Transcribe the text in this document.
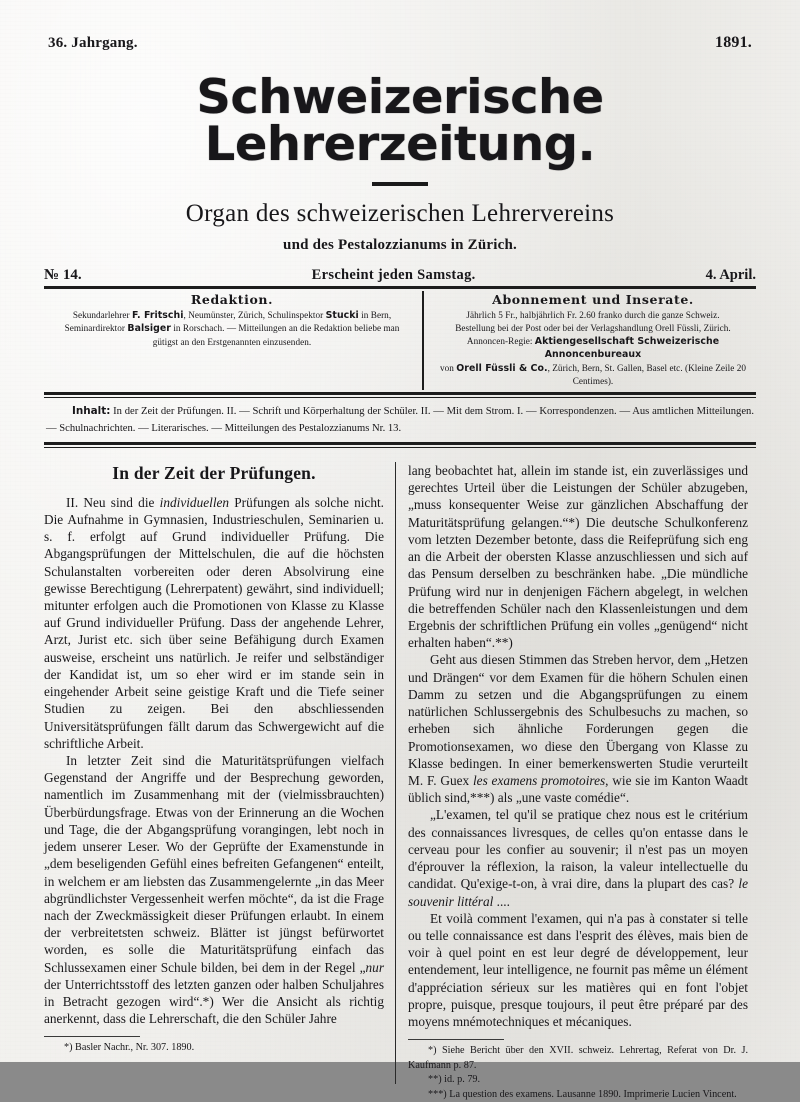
36. Jahrgang.	1891.
Schweizerische Lehrerzeitung.
Organ des schweizerischen Lehrervereins
und des Pestalozzianums in Zürich.
№ 14.	Erscheint jeden Samstag.	4. April.
Redaktion.
Sekundarlehrer F. Fritschi, Neumünster, Zürich, Schulinspektor Stucki in Bern,
Seminardirektor Balsiger in Rorschach. — Mitteilungen an die Redaktion beliebe man
gütigst an den Erstgenannten einzusenden.
Abonnement und Inserate.
Jährlich 5 Fr., halbjährlich Fr. 2.60 franko durch die ganze Schweiz.
Bestellung bei der Post oder bei der Verlagshandlung Orell Füssli, Zürich.
Annoncen-Regie: Aktiengesellschaft Schweizerische Annoncenbureaux
von Orell Füssli & Co., Zürich, Bern, St. Gallen, Basel etc. (Kleine Zeile 20 Centimes).
Inhalt: In der Zeit der Prüfungen. II. — Schrift und Körperhaltung der Schüler. II. — Mit dem Strom. I. — Korrespondenzen. — Aus amtlichen Mitteilungen. — Schulnachrichten. — Literarisches. — Mitteilungen des Pestalozzianums Nr. 13.
In der Zeit der Prüfungen.

II. Neu sind die individuellen Prüfungen als solche nicht. Die Aufnahme in Gymnasien, Industrieschulen, Seminarien u. s. f. erfolgt auf Grund individueller Prüfung. Die Abgangsprüfungen der Mittelschulen, die auf die höchsten Schulanstalten vorbereiten oder deren Absolvirung eine gewisse Berechtigung (Lehrerpatent) gewährt, sind individuell; mitunter erfolgen auch die Promotionen von Klasse zu Klasse auf Grund individueller Prüfung. Dass der angehende Lehrer, Arzt, Jurist etc. sich über seine Befähigung durch Examen ausweise, erscheint uns natürlich. Je reifer und selbständiger der Kandidat ist, um so eher wird er im stande sein in eingehender Arbeit seine geistige Kraft und die Tiefe seiner Studien zu zeigen. Bei den abschliessenden Universitätsprüfungen fällt darum das Schwergewicht auf die schriftliche Arbeit.

In letzter Zeit sind die Maturitätsprüfungen vielfach Gegenstand der Angriffe und der Besprechung geworden, namentlich im Zusammenhang mit der (vielmissbrauchten) Überbürdungsfrage. Etwas von der Erinnerung an die Wochen und Tage, die der Abgangsprüfung vorangingen, lebt noch in jedem unserer Leser. Wo der Geprüfte der Examenstunde in „dem beseligenden Gefühl eines befreiten Gefangenen“ enteilt, in welchem er am liebsten das Zusammengelernte „in das Meer abgründlichster Vergessenheit werfen möchte“, da ist die Frage nach der Zweckmässigkeit dieser Prüfungen erlaubt. In einem der verbreitetsten schweiz. Blätter ist jüngst befürwortet worden, es solle die Maturitätsprüfung einfach das Schlussexamen einer Schule bilden, bei dem in der Regel „nur der Unterrichtsstoff des letzten ganzen oder halben Schuljahres in Betracht gezogen wird“.*) Wer die Ansicht als richtig anerkennt, dass die Lehrerschaft, die den Schüler Jahre

*) Basler Nachr., Nr. 307. 1890.

lang beobachtet hat, allein im stande ist, ein zuverlässiges und gerechtes Urteil über die Leistungen der Schüler abzugeben, „muss konsequenter Weise zur gänzlichen Abschaffung der Maturitätsprüfung gelangen.“*) Die deutsche Schulkonferenz vom letzten Dezember betonte, dass die Reifeprüfung sich eng an die Arbeit der obersten Klasse anzuschliessen und sich auf das Pensum derselben zu beschränken habe. „Die mündliche Prüfung wird nur in denjenigen Fächern abgelegt, in welchen die betreffenden Schüler nach den Klassenleistungen und dem Ergebnis der schriftlichen Prüfung ein volles „genügend“ nicht erhalten haben“.**)

Geht aus diesen Stimmen das Streben hervor, dem „Hetzen und Drängen“ vor dem Examen für die höhern Schulen einen Damm zu setzen und die Abgangsprüfungen zu einem natürlichen Schlussergebnis des Schulbesuchs zu machen, so erheben sich ähnliche Forderungen gegen die Promotionsexamen, wo diese den Übergang von Klasse zu Klasse bedingen. In einer bemerkenswerten Studie verurteilt M. F. Guex les examens promotoires, wie sie im Kanton Waadt üblich sind,***) als „une vaste comédie“.

„L'examen, tel qu'il se pratique chez nous est le critérium des connaissances livresques, de celles qu'on entasse dans le cerveau pour les confier au souvenir; il n'est pas un moyen d'éprouver la réflexion, la raison, la valeur intellectuelle du candidat. Qu'exige-t-on, à vrai dire, dans la plupart des cas? le souvenir littéral ....

Et voilà comment l'examen, qui n'a pas à constater si telle ou telle connaissance est dans l'esprit des élèves, mais bien de voir à quel point en est leur degré de développement, leur entendement, leur intelligence, ne fournit pas même un élément d'appréciation sérieux sur les matières qui en font l'objet propre, puisque, presque toujours, il peut être préparé par des moyens mnémotechniques et mécaniques.

*) Siehe Bericht über den XVII. schweiz. Lehrertag, Referat von Dr. J. Kaufmann p. 87.

**) id. p. 79.

***) La question des examens. Lausanne 1890. Imprimerie Lucien Vincent.
